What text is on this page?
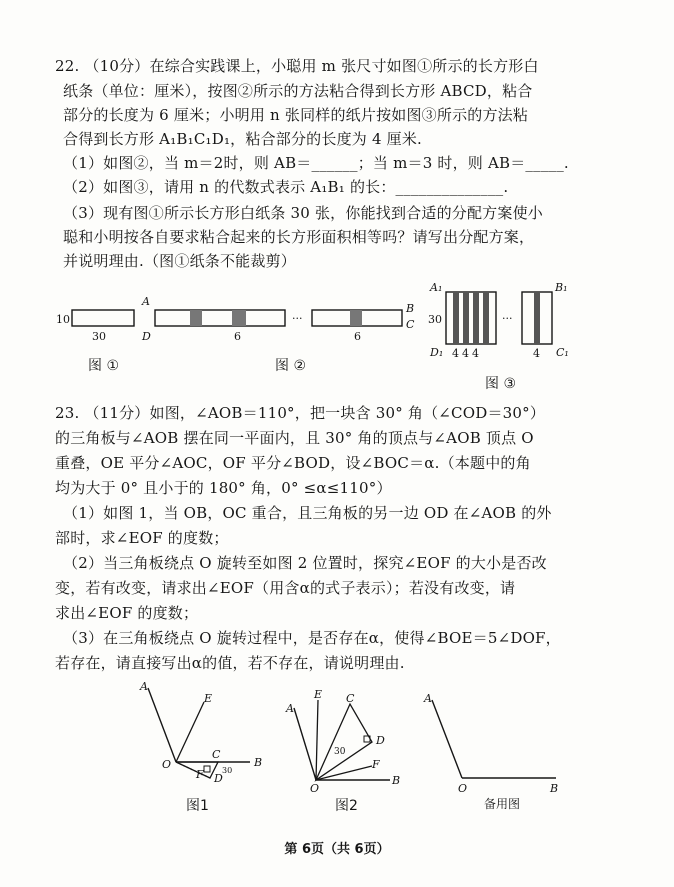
22. （10分）在综合实践课上，小聪用 m 张尺寸如图①所示的长方形白
纸条（单位：厘米），按图②所示的方法粘合得到长方形 ABCD，粘合
部分的长度为 6 厘米；小明用 n 张同样的纸片按如图③所示的方法粘
合得到长方形 A₁B₁C₁D₁，粘合部分的长度为 4 厘米.
（1）如图②，当 m＝2时，则 AB＝______；当 m＝3 时，则 AB＝_____.
（2）如图③，请用 n 的代数式表示 A₁B₁ 的长：______________.
（3）现有图①所示长方形白纸条 30 张，你能找到合适的分配方案使小
聪和小明按各自要求粘合起来的长方形面积相等吗？请写出分配方案，
并说明理由.（图①纸条不能裁剪）
10
30
···
A
D
B
C
6	6
···
A₁	B₁
D₁	C₁
30
4 4 4	4
图 ①	图 ②
图 ③
23. （11分）如图，∠AOB＝110°，把一块含 30° 角（∠COD＝30°）
的三角板与∠AOB 摆在同一平面内，且 30° 角的顶点与∠AOB 顶点 O
重叠，OE 平分∠AOC，OF 平分∠BOD，设∠BOC＝α.（本题中的角
均为大于 0° 且小于的 180° 角，0° ≤α≤110°）
（1）如图 1，当 OB，OC 重合，且三角板的另一边 OD 在∠AOB 的外
部时，求∠EOF 的度数；
（2）当三角板绕点 O 旋转至如图 2 位置时，探究∠EOF 的大小是否改
变，若有改变，请求出∠EOF（用含α的式子表示）；若没有改变，请
求出∠EOF 的度数；
（3）在三角板绕点 O 旋转过程中，是否存在α，使得∠BOE＝5∠DOF，
若存在，请直接写出α的值，若不存在，请说明理由.
A
E
O
C
B
D
F 30
A
E C
D
F
O
B
30
A
O	B
图1	图2	备用图
第 6页（共 6页）
